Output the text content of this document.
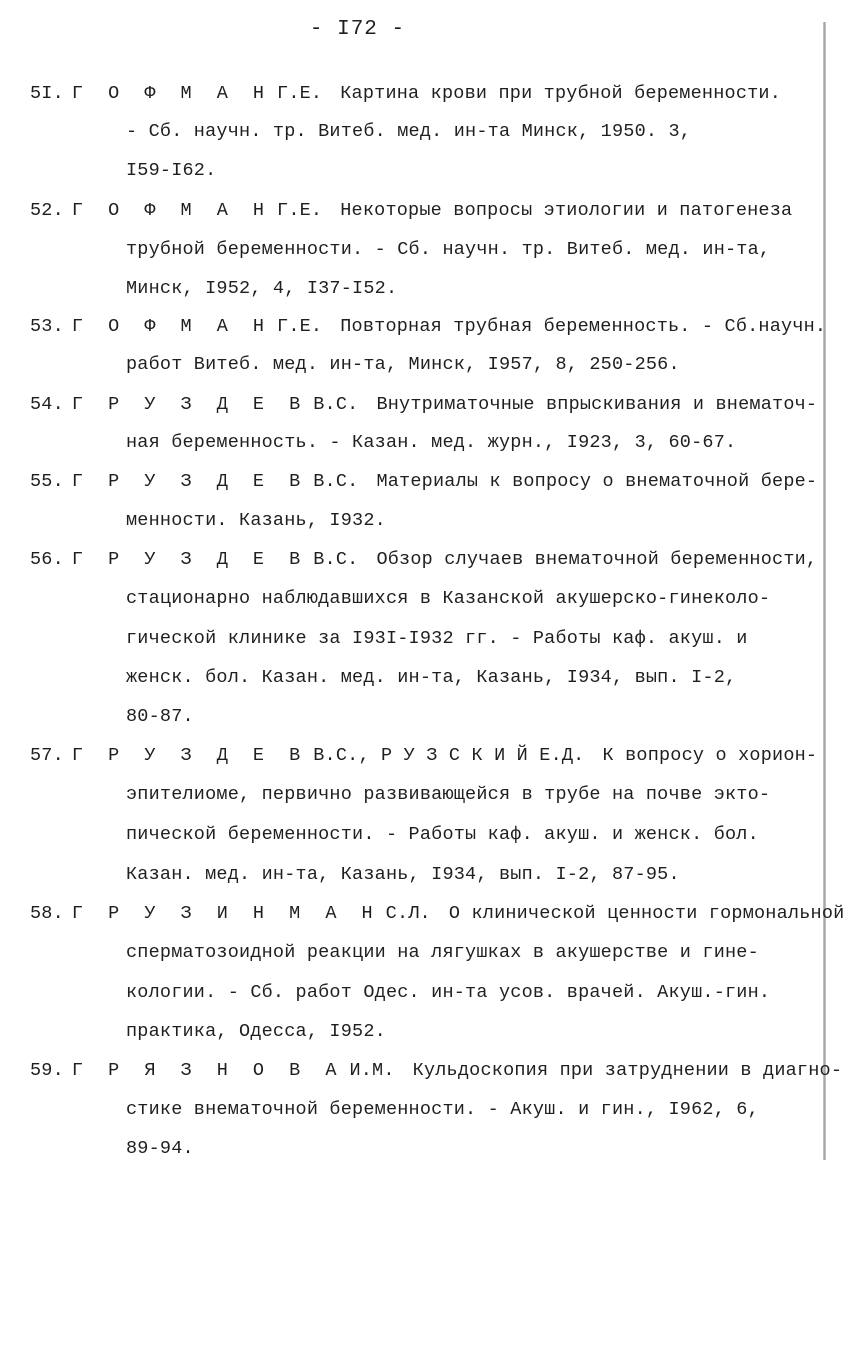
- I72 -
5I. Г О Ф М А Н Г.Е. Картина крови при трубной беременности.
- Сб. научн. тр. Витеб. мед. ин-та Минск, 1950. 3,
I59-I62.
52. Г О Ф М А Н Г.Е. Некоторые вопросы этиологии и патогенеза
трубной беременности. - Сб. научн. тр. Витеб. мед. ин-та,
Минск, I952, 4, I37-I52.
53. Г О Ф М А Н Г.Е. Повторная трубная беременность. - Сб.научн.
работ Витеб. мед. ин-та, Минск, I957, 8, 250-256.
54. Г Р У З Д Е В В.С. Внутриматочные впрыскивания и внематоч-
ная беременность. - Казан. мед. журн., I923, 3, 60-67.
55. Г Р У З Д Е В В.С. Материалы к вопросу о внематочной бере-
менности. Казань, I932.
56. Г Р У З Д Е В В.С. Обзор случаев внематочной беременности,
стационарно наблюдавшихся в Казанской акушерско-гинеколо-
гической клинике за I93I-I932 гг. - Работы каф. акуш. и
женск. бол. Казан. мед. ин-та, Казань, I934, вып. I-2,
80-87.
57. Г Р У З Д Е В В.С., Р У З С К И Й Е.Д. К вопросу о хорион-
эпителиоме, первично развивающейся в трубе на почве экто-
пической беременности. - Работы каф. акуш. и женск. бол.
Казан. мед. ин-та, Казань, I934, вып. I-2, 87-95.
58. Г Р У З И Н М А Н С.Л. О клинической ценности гормональной
сперматозоидной реакции на лягушках в акушерстве и гине-
кологии. - Сб. работ Одес. ин-та усов. врачей. Акуш.-гин.
практика, Одесса, I952.
59. Г Р Я З Н О В А И.М. Кульдоскопия при затруднении в диагно-
стике внематочной беременности. - Акуш. и гин., I962, 6,
89-94.
